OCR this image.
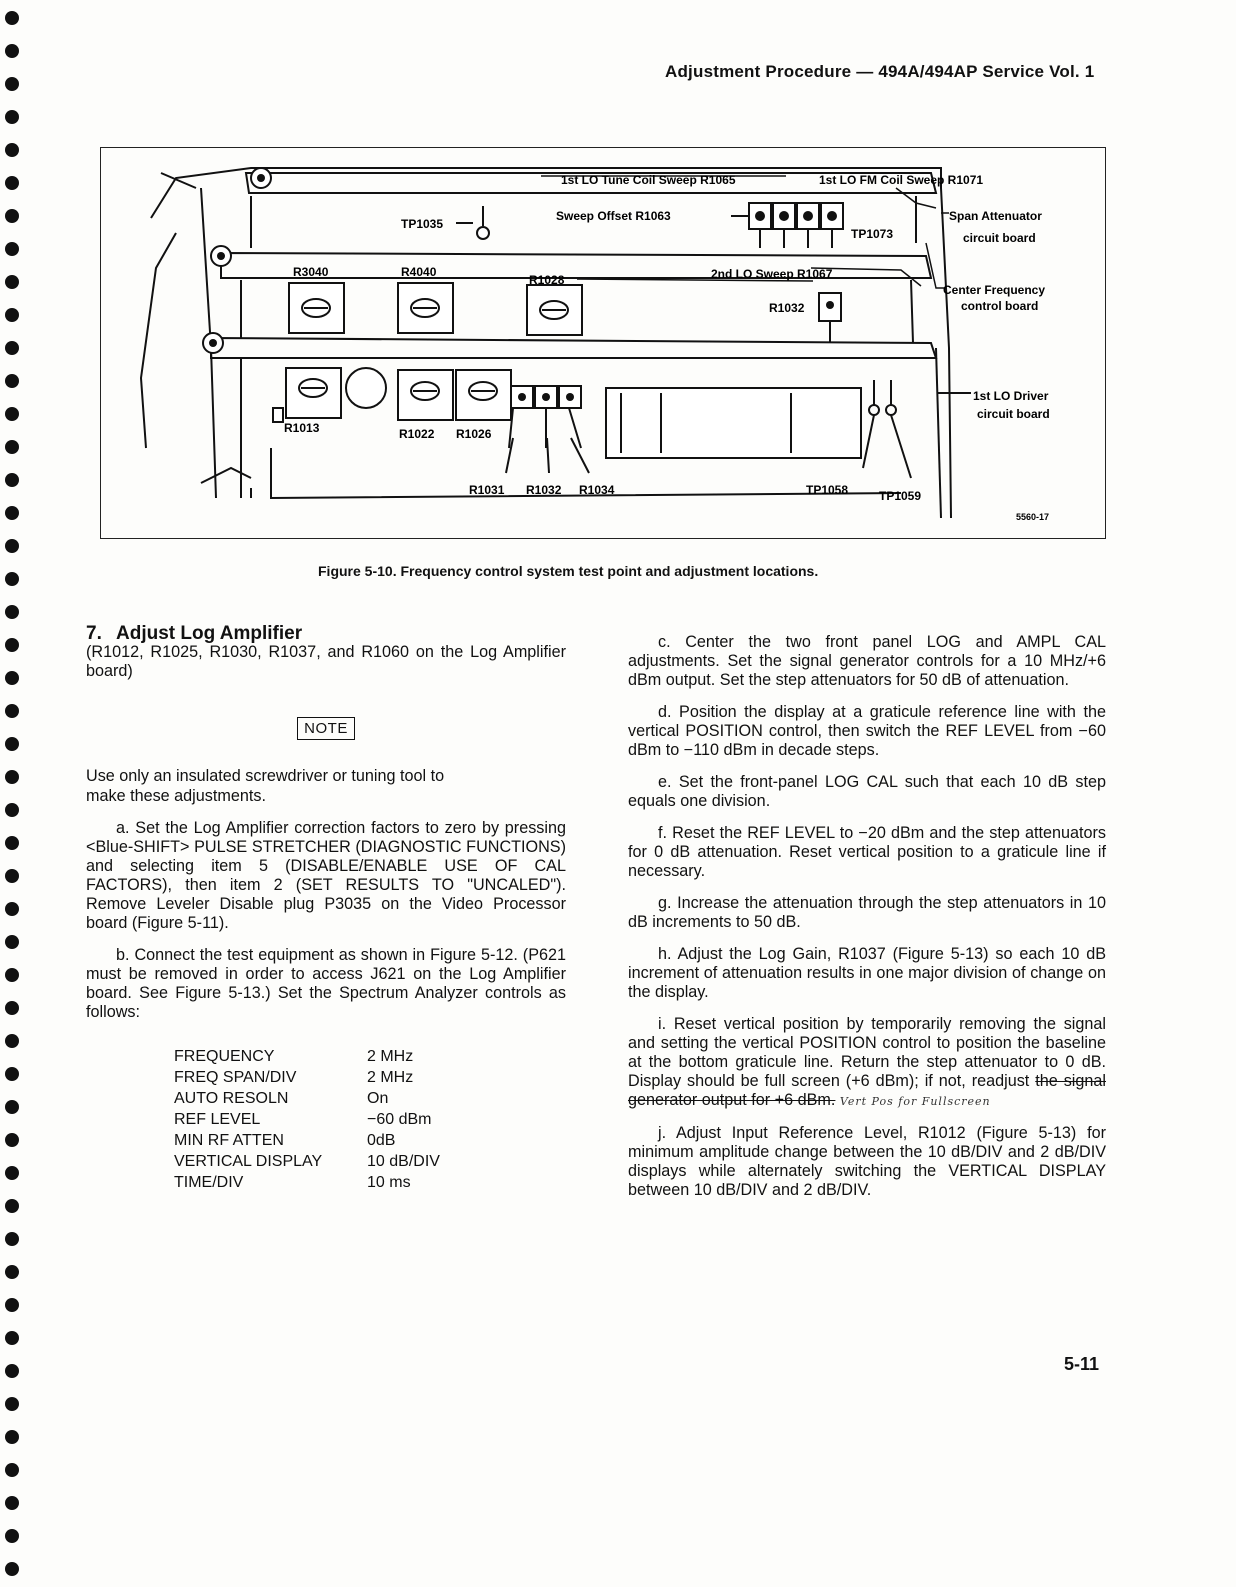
Adjustment Procedure — 494A/494AP Service Vol. 1
1st LO Tune Coil Sweep R1065	1st LO FM Coil Sweep R1071
TP1035
Sweep Offset R1063
TP1073
Span Attenuator
circuit board
R3040	R4040
R1028	2nd LO Sweep R1067
Center Frequency
control board
R1032
1st LO Driver
circuit board
R1013	R1022 R1026
R1031 R1032 R1034	TP1058	TP1059
5560-17
Figure 5-10. Frequency control system test point and adjustment locations.
7. Adjust Log Amplifier

(R1012, R1025, R1030, R1037, and R1060 on the Log Amplifier board)

NOTE

Use only an insulated screwdriver or tuning tool to make these adjustments.

a. Set the Log Amplifier correction factors to zero by pressing <Blue-SHIFT> PULSE STRETCHER (DIAGNOSTIC FUNCTIONS) and selecting item 5 (DISABLE/ENABLE USE OF CAL FACTORS), then item 2 (SET RESULTS TO "UNCALED"). Remove Leveler Disable plug P3035 on the Video Processor board (Figure 5-11).

b. Connect the test equipment as shown in Figure 5-12. (P621 must be removed in order to access J621 on the Log Amplifier board. See Figure 5-13.) Set the Spectrum Analyzer controls as follows:

FREQUENCY	2 MHz
FREQ SPAN/DIV	2 MHz
AUTO RESOLN	On
REF LEVEL	−60 dBm
MIN RF ATTEN	0dB
VERTICAL DISPLAY	10 dB/DIV
TIME/DIV	10 ms

c. Center the two front panel LOG and AMPL CAL adjustments. Set the signal generator controls for a 10 MHz/+6 dBm output. Set the step attenuators for 50 dB of attenuation.

d. Position the display at a graticule reference line with the vertical POSITION control, then switch the REF LEVEL from −60 dBm to −110 dBm in decade steps.

e. Set the front-panel LOG CAL such that each 10 dB step equals one division.

f. Reset the REF LEVEL to −20 dBm and the step attenuators for 0 dB attenuation. Reset vertical position to a graticule line if necessary.

g. Increase the attenuation through the step attenuators in 10 dB increments to 50 dB.

h. Adjust the Log Gain, R1037 (Figure 5-13) so each 10 dB increment of attenuation results in one major division of change on the display.

i. Reset vertical position by temporarily removing the signal and setting the vertical POSITION control to position the baseline at the bottom graticule line. Return the step attenuator to 0 dB. Display should be full screen (+6 dBm); if not, readjust the signal generator output for +6 dBm. Vert Pos for Fullscreen

j. Adjust Input Reference Level, R1012 (Figure 5-13) for minimum amplitude change between the 10 dB/DIV and 2 dB/DIV displays while alternately switching the VERTICAL DISPLAY between 10 dB/DIV and 2 dB/DIV.

5-11
